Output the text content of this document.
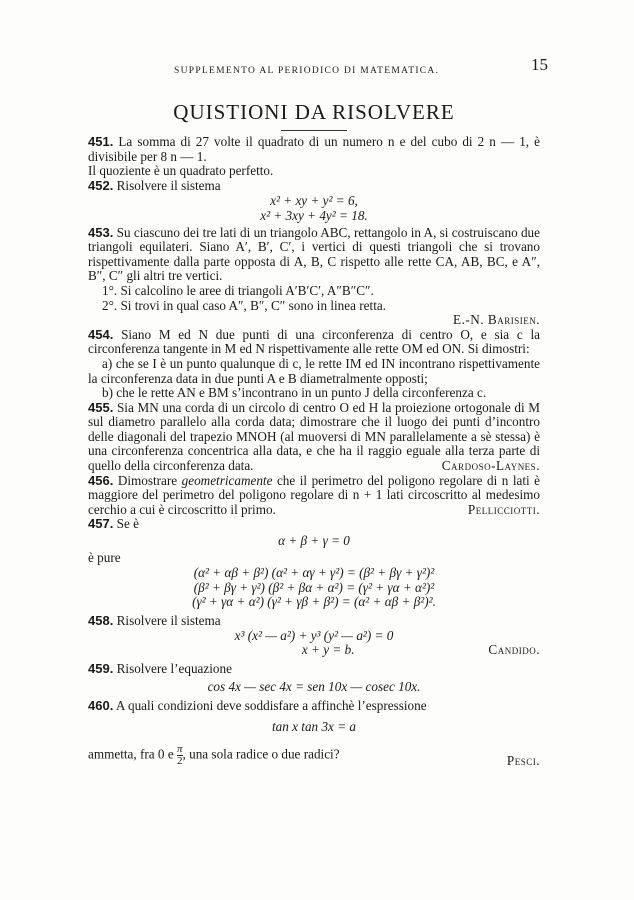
SUPPLEMENTO AL PERIODICO DI MATEMATICA.	15
QUISTIONI DA RISOLVERE

451. La somma di 27 volte il quadrato di un numero n e del cubo di 2 n — 1, è divisibile per 8 n — 1.

Il quoziente è un quadrato perfetto.

452. Risolvere il sistema

x² + xy + y² = 6,
x² + 3xy + 4y² = 18.

453. Su ciascuno dei tre lati di un triangolo ABC, rettangolo in A, si costruiscano due triangoli equilateri. Siano A′, B′, C′, i vertici di questi triangoli che si trovano rispettivamente dalla parte opposta di A, B, C rispetto alle rette CA, AB, BC, e A″, B″, C″ gli altri tre vertici.

1°. Si calcolino le aree di triangoli A′B′C′, A″B″C″.

2°. Si trovi in qual caso A″, B″, C″ sono in linea retta.

E.-N. Barisien.

454. Siano M ed N due punti di una circonferenza di centro O, e sia c la circonferenza tangente in M ed N rispettivamente alle rette OM ed ON. Si dimostri:

a) che se I è un punto qualunque di c, le rette IM ed IN incontrano rispettivamente la circonferenza data in due punti A e B diametralmente opposti;

b) che le rette AN e BM s’incontrano in un punto J della circonferenza c.

455. Sia MN una corda di un circolo di centro O ed H la proiezione ortogonale di M sul diametro parallelo alla corda data; dimostrare che il luogo dei punti d’incontro delle diagonali del trapezio MNOH (al muoversi di MN parallelamente a sè stessa) è una circonferenza concentrica alla data, e che ha il raggio eguale alla terza parte di quello della circonferenza data.	Cardoso-Laynes.

456. Dimostrare geometricamente che il perimetro del poligono regolare di n lati è maggiore del perimetro del poligono regolare di n + 1 lati circoscritto al medesimo cerchio a cui è circoscritto il primo.	Pellicciotti.

457. Se è

α + β + γ = 0

è pure

(α² + αβ + β²) (α² + αγ + γ²) = (β² + βγ + γ²)²
(β² + βγ + γ²) (β² + βα + α²) = (γ² + γα + α²)²
(γ² + γα + α²) (γ² + γβ + β²) = (α² + αβ + β²)².

458. Risolvere il sistema

x³ (x² — a²) + y³ (y² — a²) = 0
x + y = b.	Candido.

459. Risolvere l’equazione

cos 4x — sec 4x = sen 10x — cosec 10x.

460. A quali condizioni deve soddisfare a affinchè l’espressione

tan x tan 3x = a
ammetta, fra 0 e $\frac{\pi}{2}$ , una sola radice o due radici?	Pesci.
